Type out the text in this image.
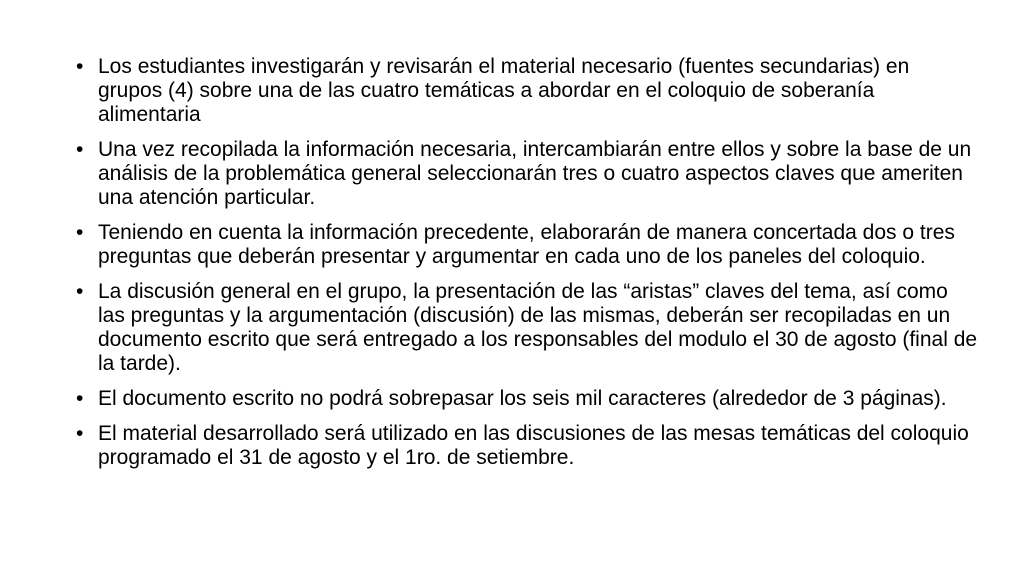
• Los estudiantes investigarán y revisarán el material necesario (fuentes secundarias) en grupos (4) sobre una de las cuatro temáticas a abordar en el coloquio de soberanía alimentaria
• Una vez recopilada la información necesaria, intercambiarán entre ellos y sobre la base de un análisis de la problemática general seleccionarán tres o cuatro aspectos claves que ameriten una atención particular.
• Teniendo en cuenta la información precedente, elaborarán de manera concertada dos o tres preguntas que deberán presentar y argumentar en cada uno de los paneles del coloquio.
• La discusión general en el grupo, la presentación de las “aristas” claves del tema, así como las preguntas y la argumentación (discusión) de las mismas, deberán ser recopiladas en un documento escrito que será entregado a los responsables del modulo el 30 de agosto (final de la tarde).
• El documento escrito no podrá sobrepasar los seis mil caracteres (alrededor de 3 páginas).
• El material desarrollado será utilizado en las discusiones de las mesas temáticas del coloquio programado el 31 de agosto y el 1ro. de setiembre.
